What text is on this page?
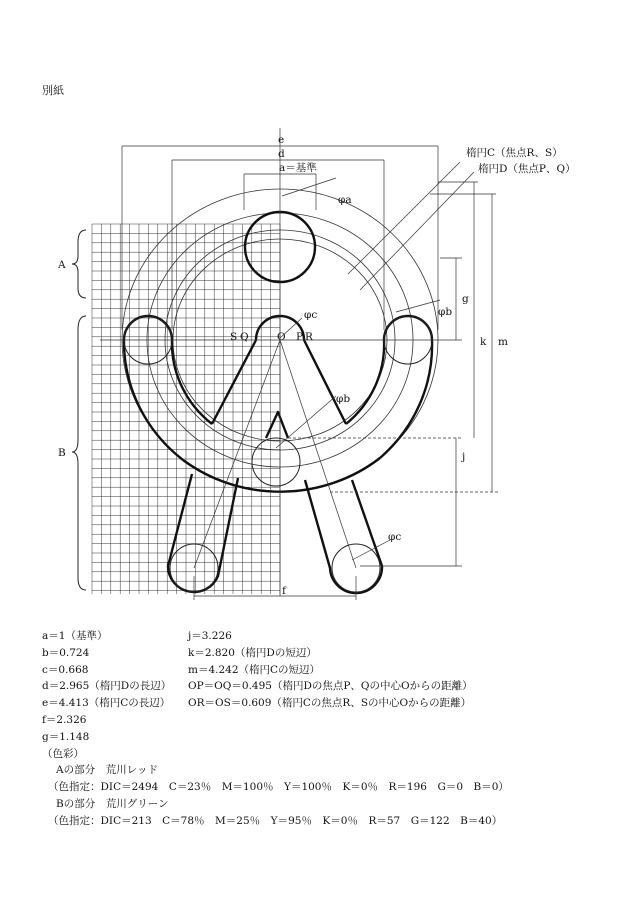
別紙
e
d
a＝基準
f
g
j
k m
A
B
楕円C（焦点R、S）
楕円D（焦点P、Q）
φa
φb
φb
φc
φc
S Q	O P R
a＝1（基準）	j＝3.226
b＝0.724	k＝2.820（楕円Dの短辺）
c＝0.668	m＝4.242（楕円Cの短辺）
d＝2.965（楕円Dの長辺） OP＝OQ＝0.495（楕円Dの焦点P、Qの中心Oからの距離）
e＝4.413（楕円Cの長辺） OR＝OS＝0.609（楕円Cの焦点R、Sの中心Oからの距離）
f＝2.326
g＝1.148
（色彩）
Aの部分　荒川レッド
（色指定：DIC＝2494　C＝23％　M＝100％　Y＝100％　K＝0％　R＝196　G＝0　B＝0）
Bの部分　荒川グリーン
（色指定：DIC＝213　C＝78％　M＝25％　Y＝95％　K＝0％　R＝57　G＝122　B＝40）
